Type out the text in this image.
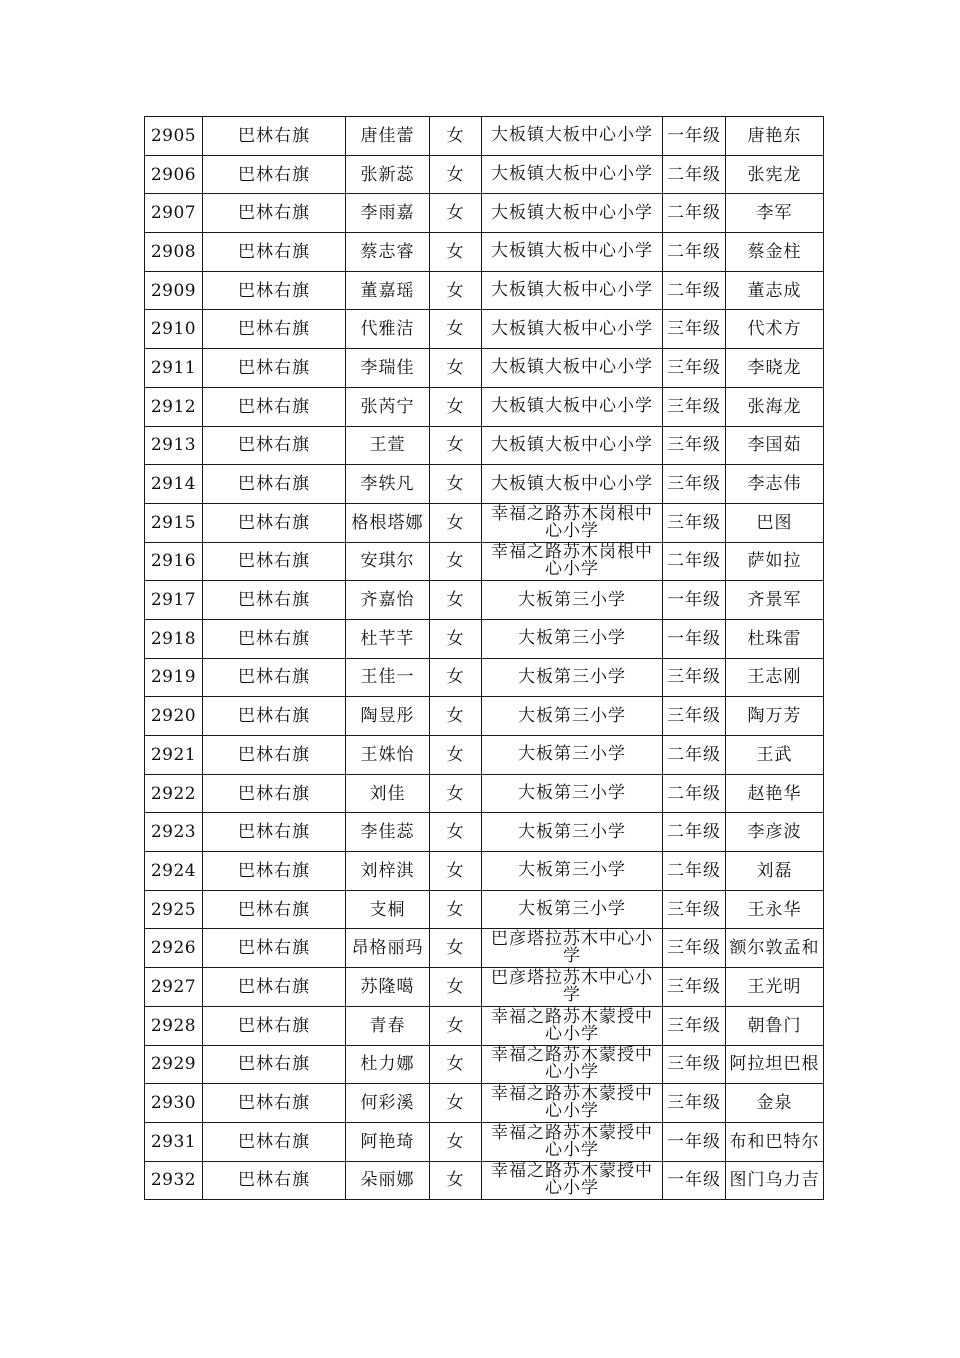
2905	巴林右旗	唐佳蕾	女	大板镇大板中心小学	一年级	唐艳东
2906	巴林右旗	张新蕊	女	大板镇大板中心小学	二年级	张宪龙
2907	巴林右旗	李雨嘉	女	大板镇大板中心小学	二年级	李军
2908	巴林右旗	蔡志睿	女	大板镇大板中心小学	二年级	蔡金柱
2909	巴林右旗	董嘉瑶	女	大板镇大板中心小学	二年级	董志成
2910	巴林右旗	代雅洁	女	大板镇大板中心小学	三年级	代术方
2911	巴林右旗	李瑞佳	女	大板镇大板中心小学	三年级	李晓龙
2912	巴林右旗	张芮宁	女	大板镇大板中心小学	三年级	张海龙
2913	巴林右旗	王萱	女	大板镇大板中心小学	三年级	李国茹
2914	巴林右旗	李轶凡	女	大板镇大板中心小学	三年级	李志伟
2915	巴林右旗	格根塔娜	女	幸福之路苏木岗根中心小学	三年级	巴图
2916	巴林右旗	安琪尔	女	幸福之路苏木岗根中心小学	二年级	萨如拉
2917	巴林右旗	齐嘉怡	女	大板第三小学	一年级	齐景军
2918	巴林右旗	杜芊芊	女	大板第三小学	一年级	杜珠雷
2919	巴林右旗	王佳一	女	大板第三小学	三年级	王志刚
2920	巴林右旗	陶昱彤	女	大板第三小学	三年级	陶万芳
2921	巴林右旗	王姝怡	女	大板第三小学	二年级	王武
2922	巴林右旗	刘佳	女	大板第三小学	二年级	赵艳华
2923	巴林右旗	李佳蕊	女	大板第三小学	二年级	李彦波
2924	巴林右旗	刘梓淇	女	大板第三小学	二年级	刘磊
2925	巴林右旗	支桐	女	大板第三小学	三年级	王永华
2926	巴林右旗	昂格丽玛	女	巴彦塔拉苏木中心小学	三年级	额尔敦孟和
2927	巴林右旗	苏隆噶	女	巴彦塔拉苏木中心小学	三年级	王光明
2928	巴林右旗	青春	女	幸福之路苏木蒙授中心小学	三年级	朝鲁门
2929	巴林右旗	杜力娜	女	幸福之路苏木蒙授中心小学	三年级	阿拉坦巴根
2930	巴林右旗	何彩溪	女	幸福之路苏木蒙授中心小学	三年级	金泉
2931	巴林右旗	阿艳琦	女	幸福之路苏木蒙授中心小学	一年级	布和巴特尔
2932	巴林右旗	朵丽娜	女	幸福之路苏木蒙授中心小学	一年级	图门乌力吉
